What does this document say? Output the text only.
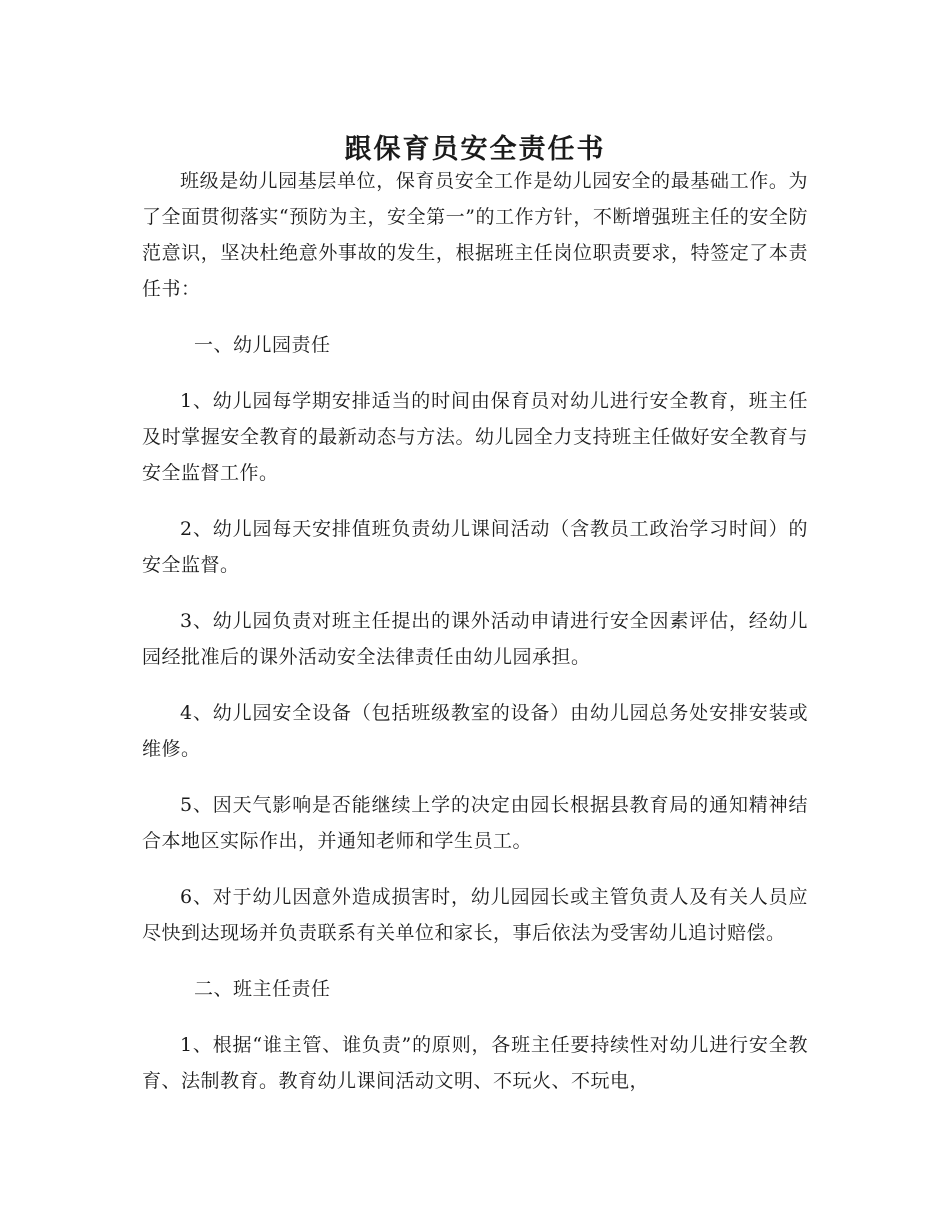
跟保育员安全责任书

班级是幼儿园基层单位，保育员安全工作是幼儿园安全的最基础工作。为了全面贯彻落实“预防为主，安全第一”的工作方针，不断增强班主任的安全防范意识，坚决杜绝意外事故的发生，根据班主任岗位职责要求，特签定了本责任书：

一、幼儿园责任

1、幼儿园每学期安排适当的时间由保育员对幼儿进行安全教育，班主任及时掌握安全教育的最新动态与方法。幼儿园全力支持班主任做好安全教育与安全监督工作。

2、幼儿园每天安排值班负责幼儿课间活动（含教员工政治学习时间）的安全监督。

3、幼儿园负责对班主任提出的课外活动申请进行安全因素评估，经幼儿园经批准后的课外活动安全法律责任由幼儿园承担。

4、幼儿园安全设备（包括班级教室的设备）由幼儿园总务处安排安装或维修。

5、因天气影响是否能继续上学的决定由园长根据县教育局的通知精神结合本地区实际作出，并通知老师和学生员工。

6、对于幼儿因意外造成损害时，幼儿园园长或主管负责人及有关人员应尽快到达现场并负责联系有关单位和家长，事后依法为受害幼儿追讨赔偿。

二、班主任责任

1、根据“谁主管、谁负责”的原则，各班主任要持续性对幼儿进行安全教育、法制教育。教育幼儿课间活动文明、不玩火、不玩电，
